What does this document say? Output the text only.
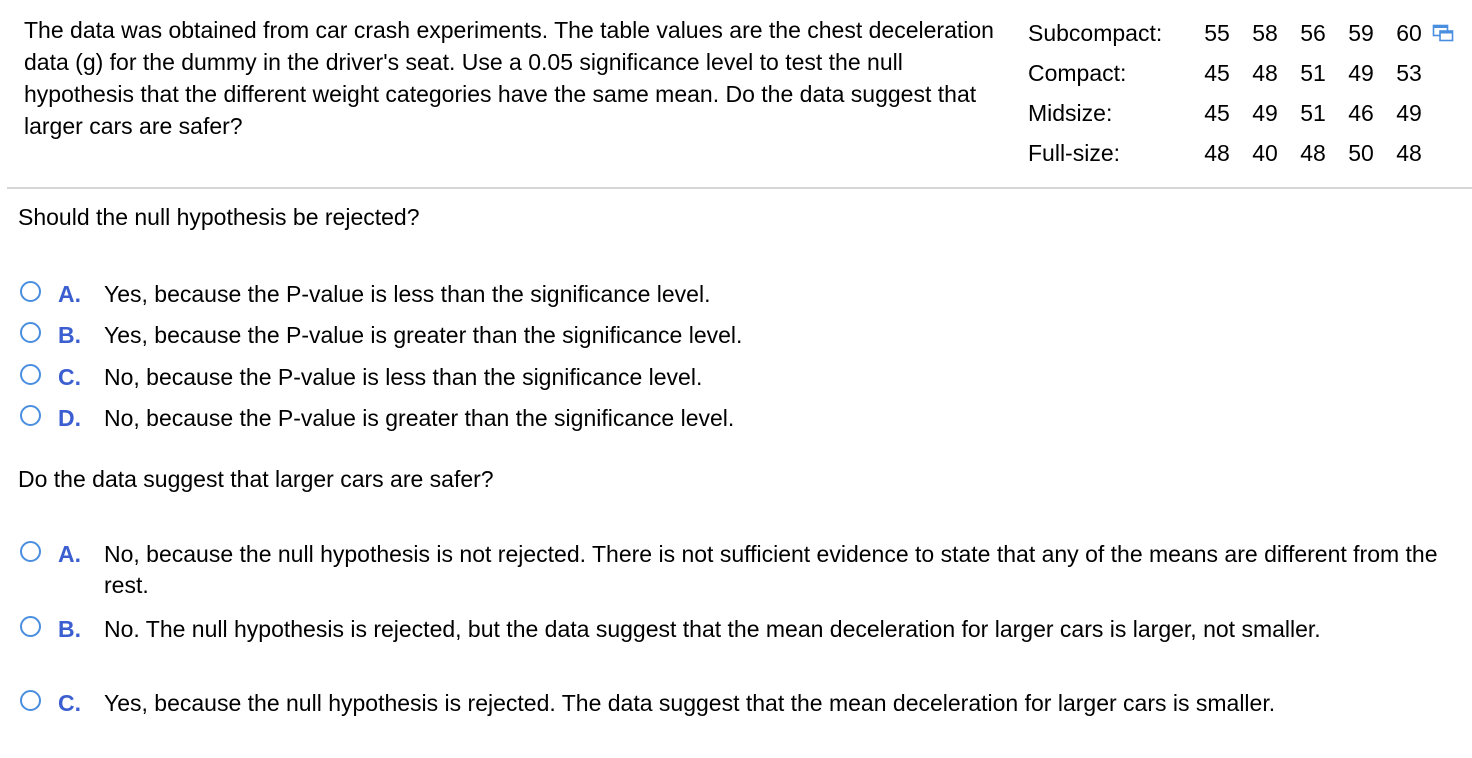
The data was obtained from car crash experiments. The table values are the chest deceleration data (g) for the dummy in the driver's seat. Use a 0.05 significance level to test the null hypothesis that the different weight categories have the same mean. Do the data suggest that larger cars are safer?
Subcompact:	55	58	56	59	60
Compact:	45	48	51	49	53
Midsize:	45	49	51	46	49
Full-size:	48	40	48	50	48
Should the null hypothesis be rejected?
A. Yes, because the P-value is less than the significance level.
B. Yes, because the P-value is greater than the significance level.
C. No, because the P-value is less than the significance level.
D. No, because the P-value is greater than the significance level.
Do the data suggest that larger cars are safer?
A. No, because the null hypothesis is not rejected. There is not sufficient evidence to state that any of the means are different from the rest.
B. No. The null hypothesis is rejected, but the data suggest that the mean deceleration for larger cars is larger, not smaller.
C. Yes, because the null hypothesis is rejected. The data suggest that the mean deceleration for larger cars is smaller.
